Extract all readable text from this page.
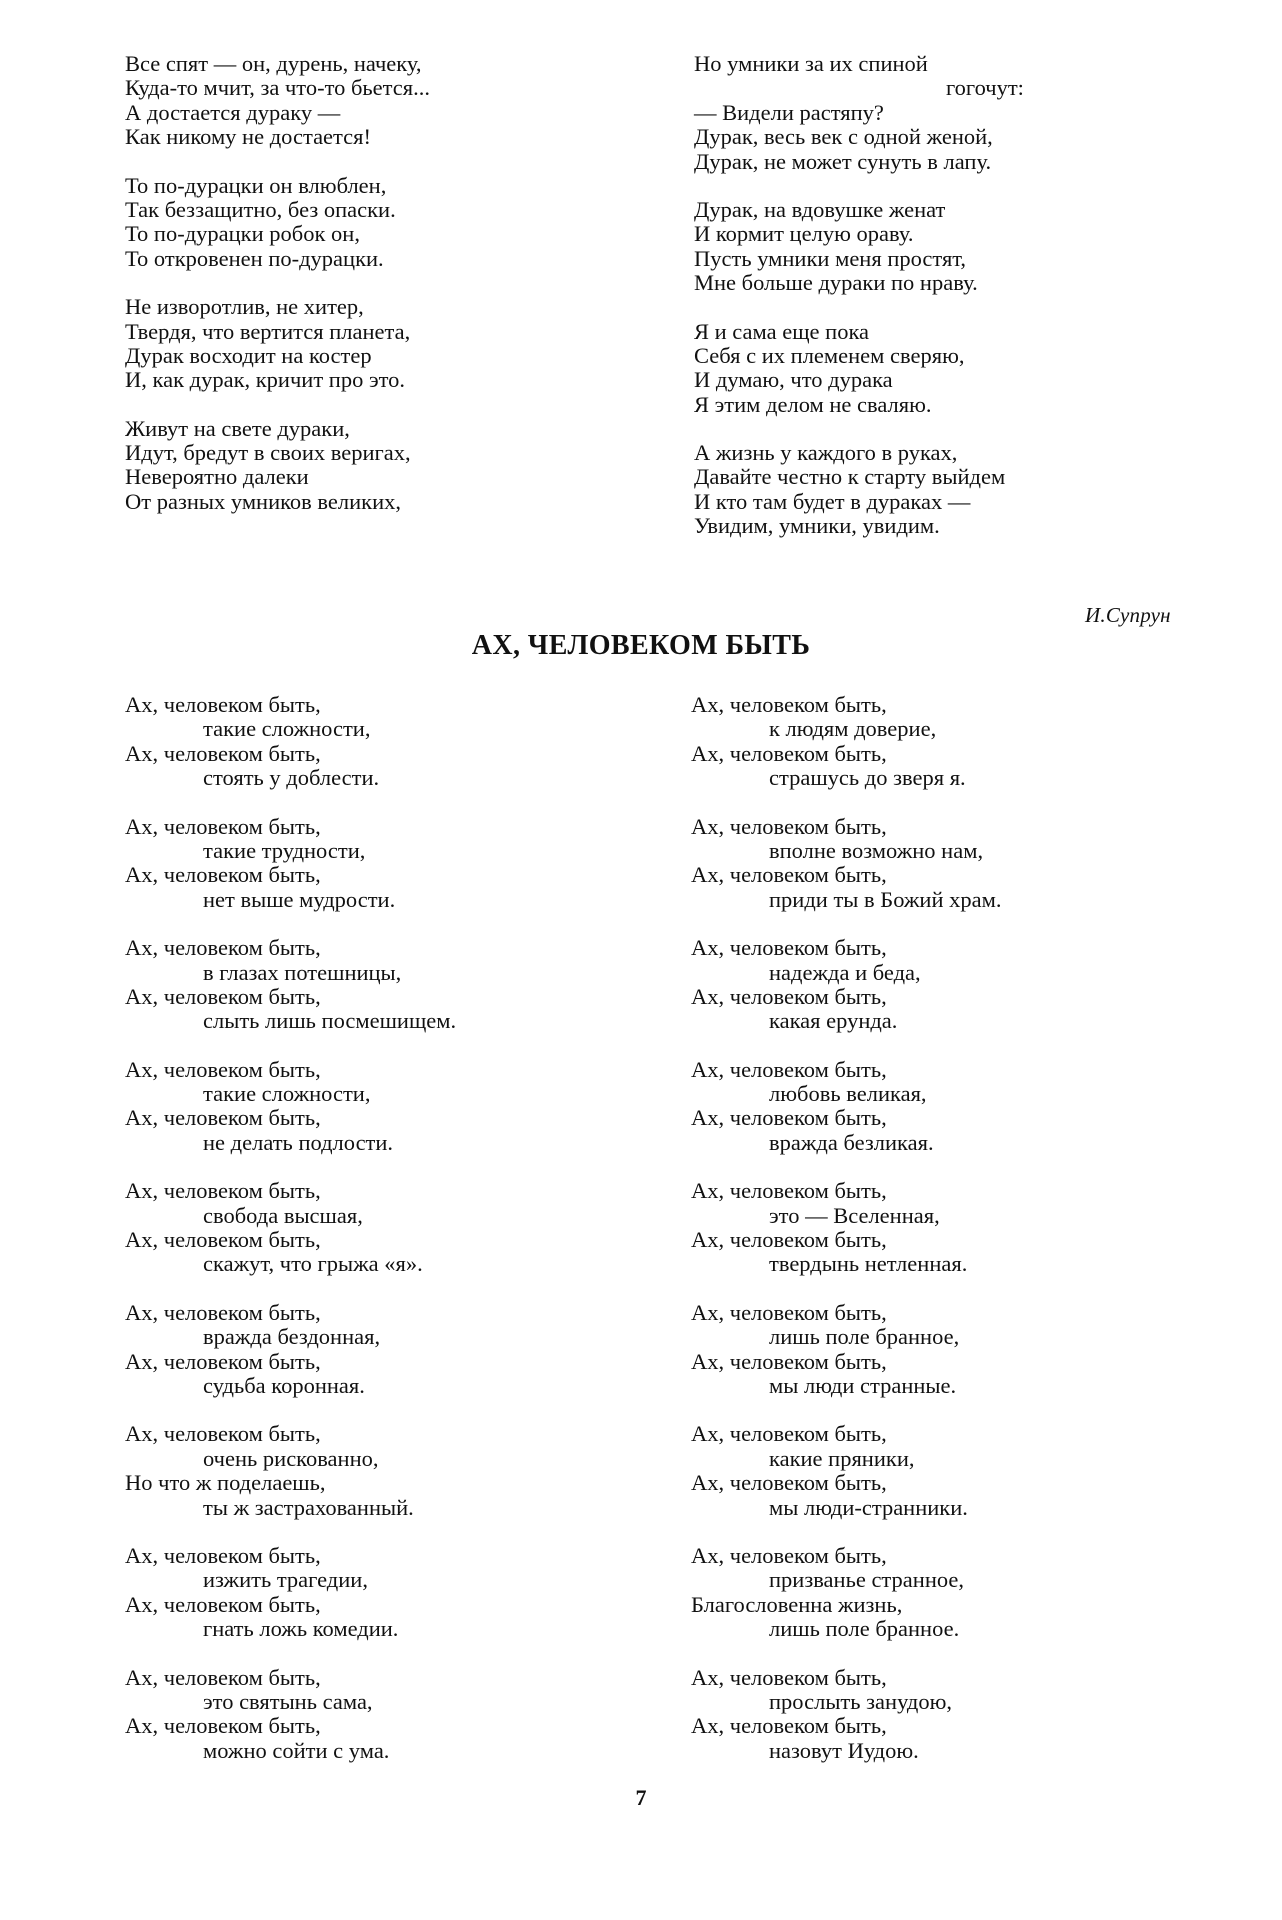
Все спят — он, дурень, начеку,
Куда-то мчит, за что-то бьется...
А достается дураку —
Как никому не достается!
То по-дурацки он влюблен,
Так беззащитно, без опаски.
То по-дурацки робок он,
То откровенен по-дурацки.
Не изворотлив, не хитер,
Твердя, что вертится планета,
Дурак восходит на костер
И, как дурак, кричит про это.
Живут на свете дураки,
Идут, бредут в своих веригах,
Невероятно далеки
От разных умников великих,
Но умники за их спиной
гогочут:
— Видели растяпу?
Дурак, весь век с одной женой,
Дурак, не может сунуть в лапу.
Дурак, на вдовушке женат
И кормит целую ораву.
Пусть умники меня простят,
Мне больше дураки по нраву.
Я и сама еще пока
Себя с их племенем сверяю,
И думаю, что дурака
Я этим делом не сваляю.
А жизнь у каждого в руках,
Давайте честно к старту выйдем
И кто там будет в дураках —
Увидим, умники, увидим.
И.Супрун
АХ, ЧЕЛОВЕКОМ БЫТЬ
Ах, человеком быть,
такие сложности,
Ах, человеком быть,
стоять у доблести.
Ах, человеком быть,
такие трудности,
Ах, человеком быть,
нет выше мудрости.
Ах, человеком быть,
в глазах потешницы,
Ах, человеком быть,
слыть лишь посмешищем.
Ах, человеком быть,
такие сложности,
Ах, человеком быть,
не делать подлости.
Ах, человеком быть,
свобода высшая,
Ах, человеком быть,
скажут, что грыжа «я».
Ах, человеком быть,
вражда бездонная,
Ах, человеком быть,
судьба коронная.
Ах, человеком быть,
очень рискованно,
Но что ж поделаешь,
ты ж застрахованный.
Ах, человеком быть,
изжить трагедии,
Ах, человеком быть,
гнать ложь комедии.
Ах, человеком быть,
это святынь сама,
Ах, человеком быть,
можно сойти с ума.
Ах, человеком быть,
к людям доверие,
Ах, человеком быть,
страшусь до зверя я.
Ах, человеком быть,
вполне возможно нам,
Ах, человеком быть,
приди ты в Божий храм.
Ах, человеком быть,
надежда и беда,
Ах, человеком быть,
какая ерунда.
Ах, человеком быть,
любовь великая,
Ах, человеком быть,
вражда безликая.
Ах, человеком быть,
это — Вселенная,
Ах, человеком быть,
твердынь нетленная.
Ах, человеком быть,
лишь поле бранное,
Ах, человеком быть,
мы люди странные.
Ах, человеком быть,
какие пряники,
Ах, человеком быть,
мы люди-странники.
Ах, человеком быть,
призванье странное,
Благословенна жизнь,
лишь поле бранное.
Ах, человеком быть,
прослыть занудою,
Ах, человеком быть,
назовут Иудою.
7
